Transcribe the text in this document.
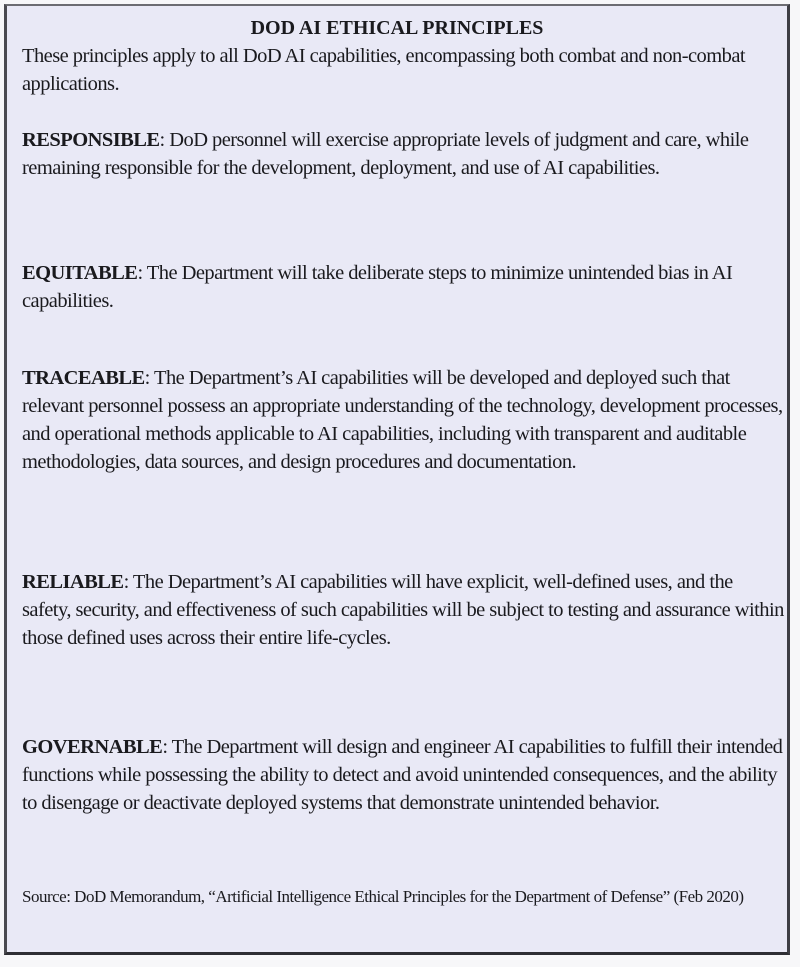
DOD AI ETHICAL PRINCIPLES

These principles apply to all DoD AI capabilities, encompassing both combat and non-combat applications.

RESPONSIBLE: DoD personnel will exercise appropriate levels of judgment and care, while remaining responsible for the development, deployment, and use of AI capabilities.

EQUITABLE: The Department will take deliberate steps to minimize unintended bias in AI capabilities.

TRACEABLE: The Department’s AI capabilities will be developed and deployed such that relevant personnel possess an appropriate understanding of the technology, development processes, and operational methods applicable to AI capabilities, including with transparent and auditable methodologies, data sources, and design procedures and documentation.

RELIABLE: The Department’s AI capabilities will have explicit, well-defined uses, and the safety, security, and effectiveness of such capabilities will be subject to testing and assurance within those defined uses across their entire life-cycles.

GOVERNABLE: The Department will design and engineer AI capabilities to fulfill their intended functions while possessing the ability to detect and avoid unintended consequences, and the ability to disengage or deactivate deployed systems that demonstrate unintended behavior.

Source: DoD Memorandum, “Artificial Intelligence Ethical Principles for the Department of Defense” (Feb 2020)
